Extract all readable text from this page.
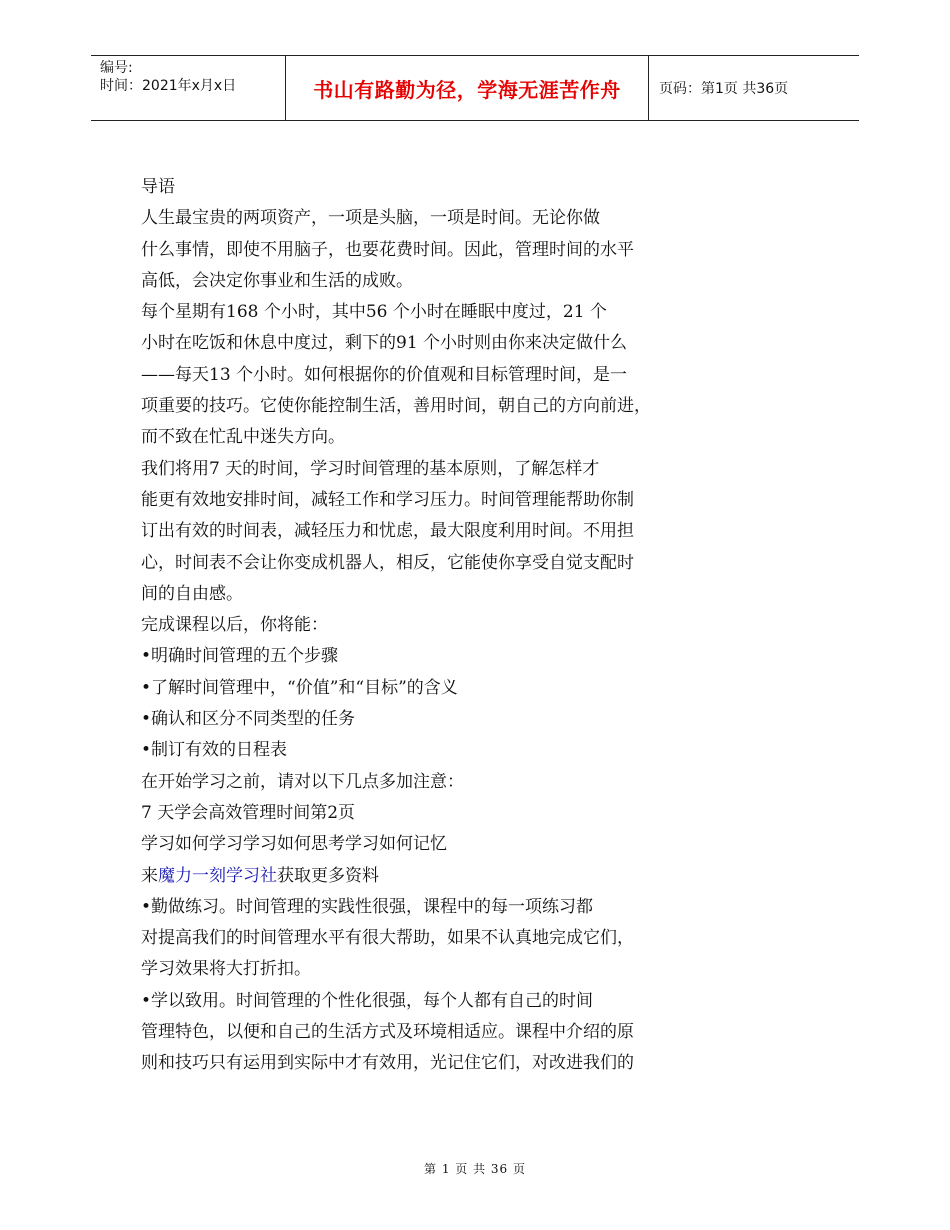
编号:
时间：2021年x月x日	书山有路勤为径，学海无涯苦作舟	页码：第1页 共36页
导语
人生最宝贵的两项资产，一项是头脑，一项是时间。无论你做
什么事情，即使不用脑子，也要花费时间。因此，管理时间的水平
高低，会决定你事业和生活的成败。
每个星期有168 个小时，其中56 个小时在睡眠中度过，21 个
小时在吃饭和休息中度过，剩下的91 个小时则由你来决定做什么
——每天13 个小时。如何根据你的价值观和目标管理时间，是一
项重要的技巧。它使你能控制生活，善用时间，朝自己的方向前进，
而不致在忙乱中迷失方向。
我们将用7 天的时间，学习时间管理的基本原则，了解怎样才
能更有效地安排时间，减轻工作和学习压力。时间管理能帮助你制
订出有效的时间表，减轻压力和忧虑，最大限度利用时间。不用担
心，时间表不会让你变成机器人，相反，它能使你享受自觉支配时
间的自由感。
完成课程以后，你将能：
•明确时间管理的五个步骤
•了解时间管理中，“价值”和“目标”的含义
•确认和区分不同类型的任务
•制订有效的日程表
在开始学习之前，请对以下几点多加注意：
7 天学会高效管理时间第2页
学习如何学习学习如何思考学习如何记忆
来魔力一刻学习社获取更多资料
•勤做练习。时间管理的实践性很强，课程中的每一项练习都
对提高我们的时间管理水平有很大帮助，如果不认真地完成它们，
学习效果将大打折扣。
•学以致用。时间管理的个性化很强，每个人都有自己的时间
管理特色，以便和自己的生活方式及环境相适应。课程中介绍的原
则和技巧只有运用到实际中才有效用，光记住它们，对改进我们的
第 1 页 共 36 页
